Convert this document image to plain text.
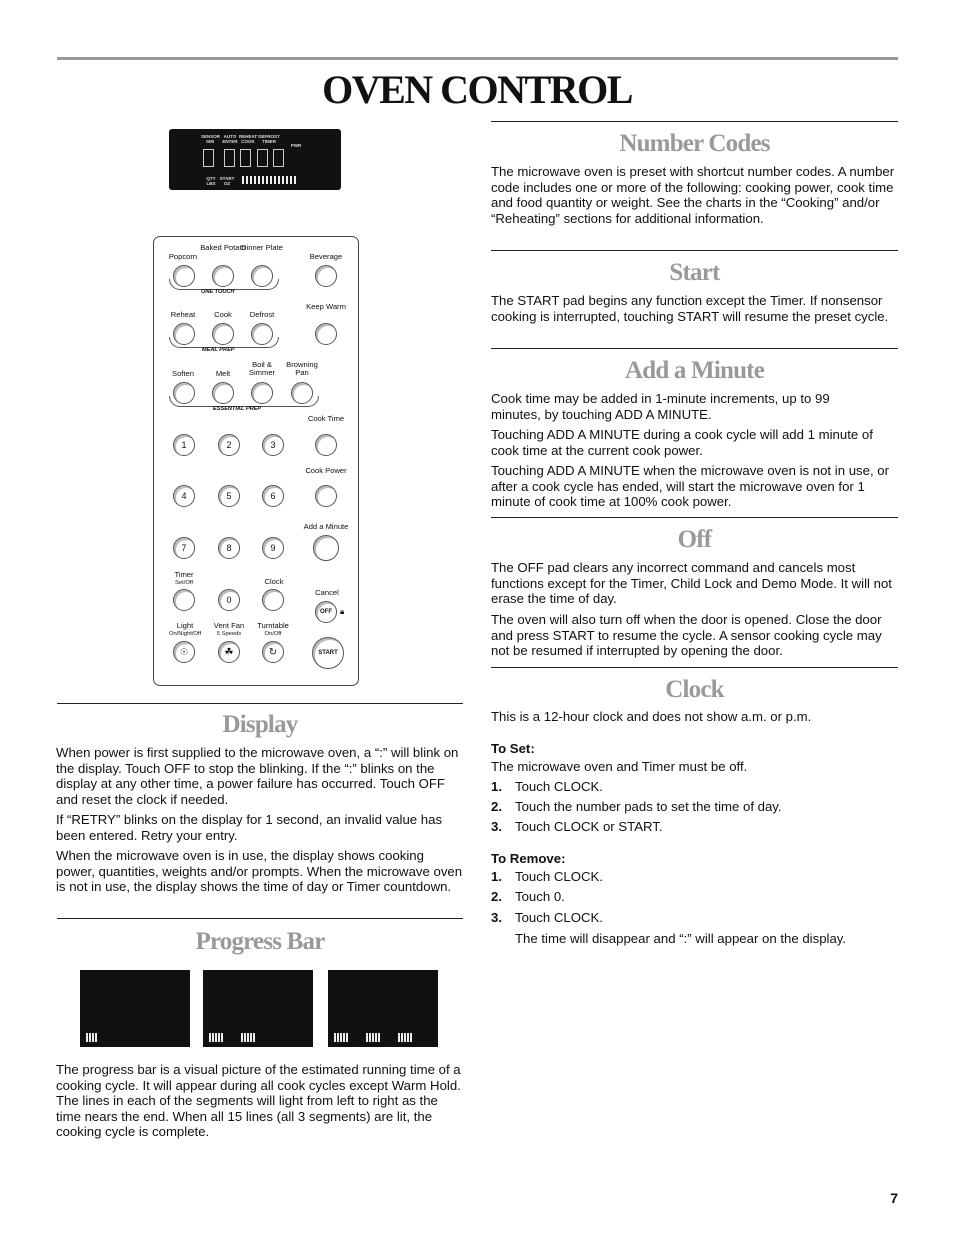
OVEN CONTROL
SENSOR SIM
AUTO ENTER
REHEAT COOK
DEFROST TIMER
PWR
QTY LBS
START OZ
Popcorn
Baked Potato
Dinner Plate
Beverage
ONE TOUCH
Reheat	Cook	Defrost
Keep Warm
MEAL PREP
Soften	Melt
Boil & Simmer
Browning Pan
ESSENTIAL PREP
Cook Time
1	2	3
Cook Power
4	5	6
Add a Minute
7	8	9
Timer
Set/Off	Clock
Cancel
0
OFF	🔒︎
Light
On/Night/Off
Vent Fan
5 Speeds
Turntable
On/Off
☉	☘	↻	START
Display

When power is first supplied to the microwave oven, a “:” will blink on the display. Touch OFF to stop the blinking. If the “:” blinks on the display at any other time, a power failure has occurred. Touch OFF and reset the clock if needed.

If “RETRY” blinks on the display for 1 second, an invalid value has been entered. Retry your entry.

When the microwave oven is in use, the display shows cooking power, quantities, weights and/or prompts. When the microwave oven is not in use, the display shows the time of day or Timer countdown.

Progress Bar

The progress bar is a visual picture of the estimated running time of a cooking cycle. It will appear during all cook cycles except Warm Hold. The lines in each of the segments will light from left to right as the time nears the end. When all 15 lines (all 3 segments) are lit, the cooking cycle is complete.

Number Codes

The microwave oven is preset with shortcut number codes. A number code includes one or more of the following: cooking power, cook time and food quantity or weight. See the charts in the “Cooking” and/or “Reheating” sections for additional information.

Start

The START pad begins any function except the Timer. If nonsensor cooking is interrupted, touching START will resume the preset cycle.

Add a Minute

Cook time may be added in 1-minute increments, up to 99 minutes, by touching ADD A MINUTE.

Touching ADD A MINUTE during a cook cycle will add 1 minute of cook time at the current cook power.

Touching ADD A MINUTE when the microwave oven is not in use, or after a cook cycle has ended, will start the microwave oven for 1 minute of cook time at 100% cook power.

Off

The OFF pad clears any incorrect command and cancels most functions except for the Timer, Child Lock and Demo Mode. It will not erase the time of day.

The oven will also turn off when the door is opened. Close the door and press START to resume the cycle. A sensor cooking cycle may not be resumed if interrupted by opening the door.

Clock

This is a 12-hour clock and does not show a.m. or p.m.

To Set:

The microwave oven and Timer must be off.

1. Touch CLOCK.
2. Touch the number pads to set the time of day.
3. Touch CLOCK or START.
To Remove:
1. Touch CLOCK.
2. Touch 0.
3. Touch CLOCK.

The time will disappear and “:” will appear on the display.

7
